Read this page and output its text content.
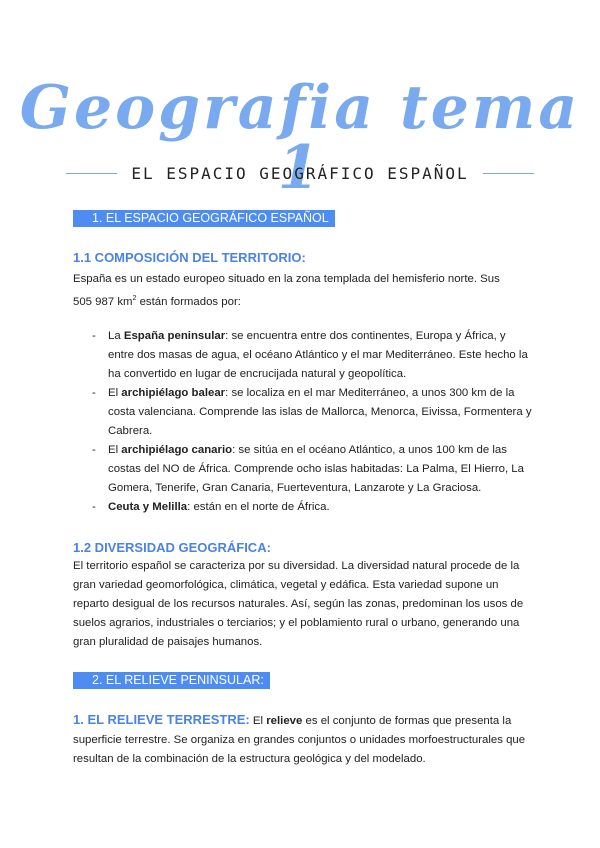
Geografia tema 1
EL ESPACIO GEOGRÁFICO ESPAÑOL
1. EL ESPACIO GEOGRÁFICO ESPAÑOL
1.1 COMPOSICIÓN DEL TERRITORIO:
España es un estado europeo situado en la zona templada del hemisferio norte. Sus
505 987 $km^2$ están formados por:
- La España peninsular: se encuentra entre dos continentes, Europa y África, y entre dos masas de agua, el océano Atlántico y el mar Mediterráneo. Este hecho la ha convertido en lugar de encrucijada natural y geopolítica.
- El archipiélago balear: se localiza en el mar Mediterráneo, a unos 300 km de la costa valenciana. Comprende las islas de Mallorca, Menorca, Eivissa, Formentera y Cabrera.
- El archipiélago canario: se sitúa en el océano Atlántico, a unos 100 km de las costas del NO de África. Comprende ocho islas habitadas: La Palma, El Hierro, La Gomera, Tenerife, Gran Canaria, Fuerteventura, Lanzarote y La Graciosa.
- Ceuta y Melilla: están en el norte de África.
1.2 DIVERSIDAD GEOGRÁFICA:
El territorio español se caracteriza por su diversidad. La diversidad natural procede de la gran variedad geomorfológica, climática, vegetal y edáfica. Esta variedad supone un reparto desigual de los recursos naturales. Así, según las zonas, predominan los usos de suelos agrarios, industriales o terciarios; y el poblamiento rural o urbano, generando una gran pluralidad de paisajes humanos.
2. EL RELIEVE PENINSULAR:
1. EL RELIEVE TERRESTRE: El relieve es el conjunto de formas que presenta la superficie terrestre. Se organiza en grandes conjuntos o unidades morfoestructurales que resultan de la combinación de la estructura geológica y del modelado.
